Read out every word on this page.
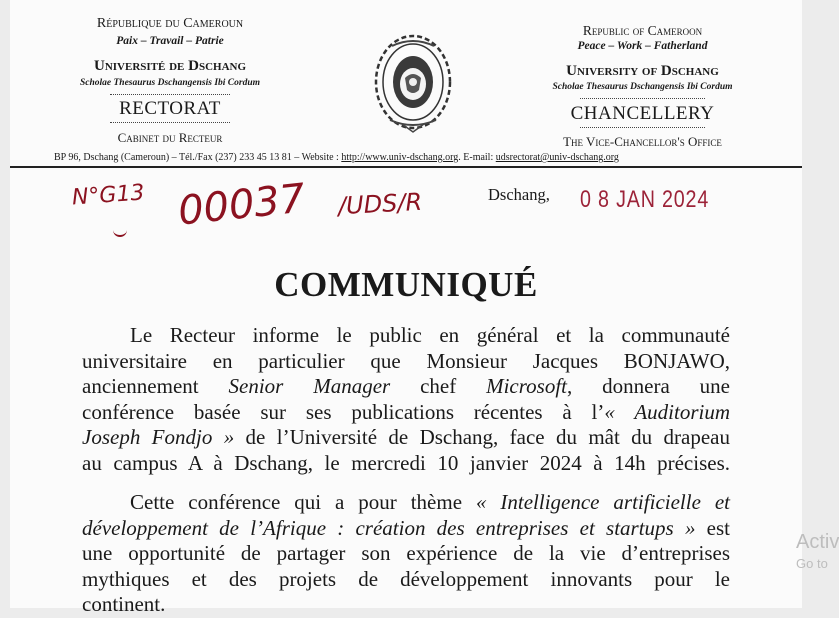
République du Cameroun
Paix – Travail – Patrie
Université de Dschang
Scholae Thesaurus Dschangensis Ibi Cordum
RECTORAT
Cabinet du Recteur
Republic of Cameroon
Peace – Work – Fatherland
University of Dschang
Scholae Thesaurus Dschangensis Ibi Cordum
CHANCELLERY
The Vice-Chancellor's Office
BP 96, Dschang (Cameroun) – Tél./Fax (237) 233 45 13 81 – Website : http://www.univ-dschang.org. E-mail: udsrectorat@univ-dschang.org
N°G13 00037 /UDS/R	Dschang, 0 8 JAN 2024
COMMUNIQUÉ
Le Recteur informe le public en général et la communauté
universitaire en particulier que Monsieur Jacques BONJAWO,
anciennement Senior Manager chef Microsoft, donnera une
conférence basée sur ses publications récentes à l’« Auditorium
Joseph Fondjo » de l’Université de Dschang, face du mât du drapeau
au campus A à Dschang, le mercredi 10 janvier 2024 à 14h précises.
Cette conférence qui a pour thème « Intelligence artificielle et
développement de l’Afrique : création des entreprises et startups » est
une opportunité de partager son expérience de la vie d’entreprises
mythiques et des projets de développement innovants pour le
continent.
Activ
Go to
